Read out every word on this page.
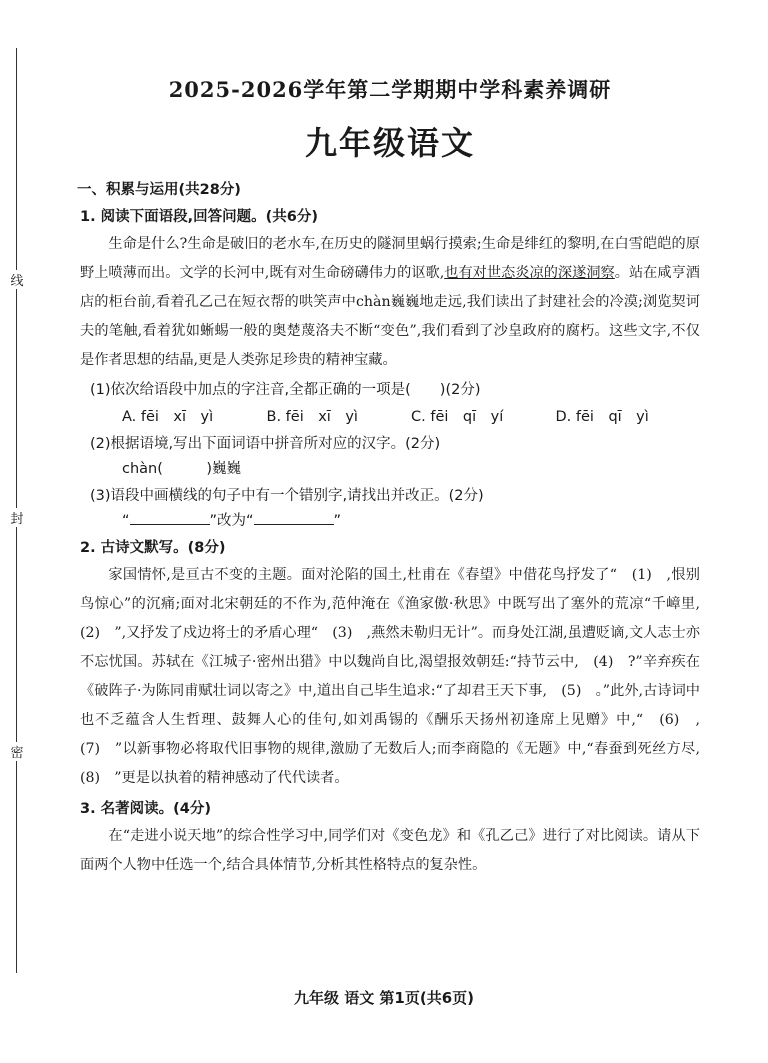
线
封
密

2025-2026学年第二学期期中学科素养调研

九年级语文

一、积累与运用(共28分)
1. 阅读下面语段,回答问题。(共6分)

生命是什么?生命是破旧的老水车,在历史的隧洞里蜗行摸索;生命是绯红的黎明,在白雪皑皑的原野上喷薄而出。文学的长河中,既有对生命磅礴伟力的讴歌,也有对世态炎凉的深遂洞察。站在咸亨酒店的柜台前,看着孔乙己在短衣帮的哄笑声中chàn巍巍地走远,我们读出了封建社会的冷漠;浏览契诃夫的笔触,看着犹如蜥蜴一般的奥楚蔑洛夫不断“变色”,我们看到了沙皇政府的腐朽。这些文字,不仅是作者思想的结晶,更是人类弥足珍贵的精神宝藏。

(1)依次给语段中加点的字注音,全都正确的一项是(　　)(2分)
A. fēi　xī　yì	B. fēi　xī　yì	C. fēi　qī　yí	D. fēi　qī　yì
(2)根据语境,写出下面词语中拼音所对应的汉字。(2分)
chàn(　　　)巍巍
(3)语段中画横线的句子中有一个错别字,请找出并改正。(2分)
“	”改为“	”
2. 古诗文默写。(8分)

家国情怀,是亘古不变的主题。面对沦陷的国土,杜甫在《春望》中借花鸟抒发了“　(1)　,恨别鸟惊心”的沉痛;面对北宋朝廷的不作为,范仲淹在《渔家傲·秋思》中既写出了塞外的荒凉“千嶂里,　(2)　”,又抒发了戍边将士的矛盾心理“　(3)　,燕然未勒归无计”。而身处江湖,虽遭贬谪,文人志士亦不忘忧国。苏轼在《江城子·密州出猎》中以魏尚自比,渴望报效朝廷:“持节云中,　(4)　?”辛弃疾在《破阵子·为陈同甫赋壮词以寄之》中,道出自己毕生追求:“了却君王天下事,　(5)　。”此外,古诗词中也不乏蕴含人生哲理、鼓舞人心的佳句,如刘禹锡的《酬乐天扬州初逢席上见赠》中,“　(6)　,　(7)　”以新事物必将取代旧事物的规律,激励了无数后人;而李商隐的《无题》中,“春蚕到死丝方尽,　(8)　”更是以执着的精神感动了代代读者。

3. 名著阅读。(4分)

在“走进小说天地”的综合性学习中,同学们对《变色龙》和《孔乙己》进行了对比阅读。请从下面两个人物中任选一个,结合具体情节,分析其性格特点的复杂性。

九年级 语文 第1页(共6页)
